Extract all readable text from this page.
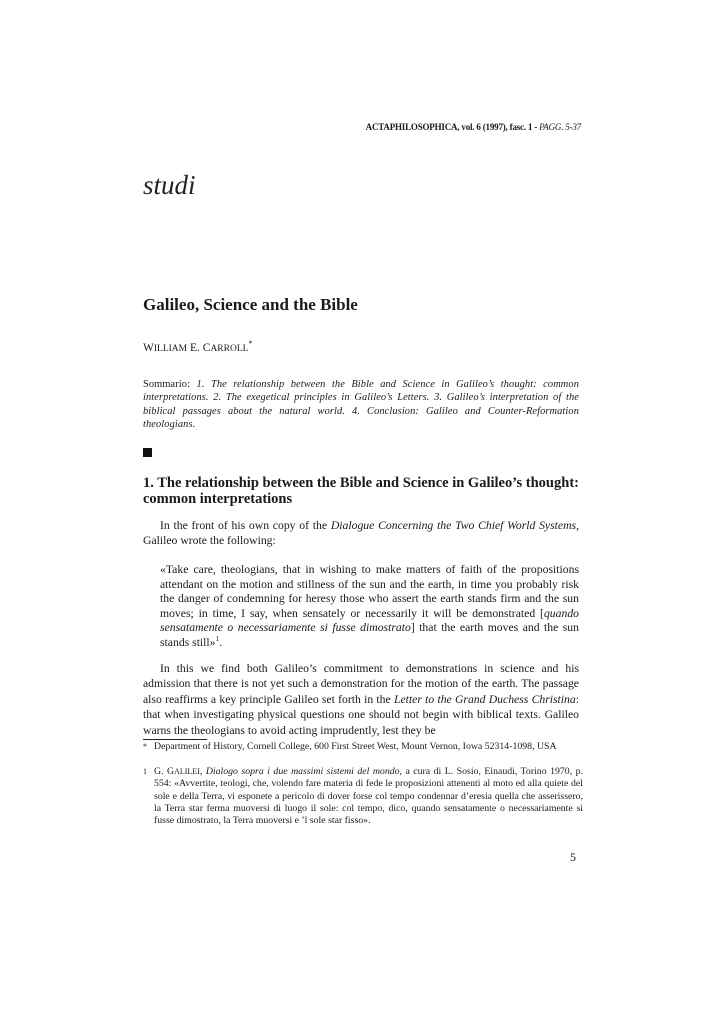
ACTAPHILOSOPHICA, vol. 6 (1997), fasc. 1 - PAGG. 5-37
studi
Galileo, Science and the Bible
WILLIAM E. CARROLL*
Sommario: 1. The relationship between the Bible and Science in Galileo’s thought: common interpretations. 2. The exegetical principles in Galileo’s Letters. 3. Galileo’s interpretation of the biblical passages about the natural world. 4. Conclusion: Galileo and Counter-Reformation theologians.
1. The relationship between the Bible and Science in Galileo’s thought: common interpretations
In the front of his own copy of the Dialogue Concerning the Two Chief World Systems, Galileo wrote the following:
«Take care, theologians, that in wishing to make matters of faith of the propositions attendant on the motion and stillness of the sun and the earth, in time you probably risk the danger of condemning for heresy those who assert the earth stands firm and the sun moves; in time, I say, when sensately or necessarily it will be demonstrated [quando sensatamente o necessariamente si fusse dimostrato] that the earth moves and the sun stands still»$^1$.
In this we find both Galileo’s commitment to demonstrations in science and his admission that there is not yet such a demonstration for the motion of the earth. The passage also reaffirms a key principle Galileo set forth in the Letter to the Grand Duchess Christina: that when investigating physical questions one should not begin with biblical texts. Galileo warns the theologians to avoid acting imprudently, lest they be
* Department of History, Cornell College, 600 First Street West, Mount Vernon, Iowa 52314-1098, USA
1 G. GALILEI, Dialogo sopra i due massimi sistemi del mondo, a cura di L. Sosio, Einaudi, Torino 1970, p. 554: «Avvertite, teologi, che, volendo fare materia di fede le proposizioni attenenti al moto ed alla quiete del sole e della Terra, vi esponete a pericolo di dover forse col tempo condennar d’eresia quella che asserissero, la Terra star ferma muoversi di luogo il sole: col tempo, dico, quando sensatamente o necessariamente si fusse dimostrato, la Terra muoversi e ’l sole star fisso».
5
